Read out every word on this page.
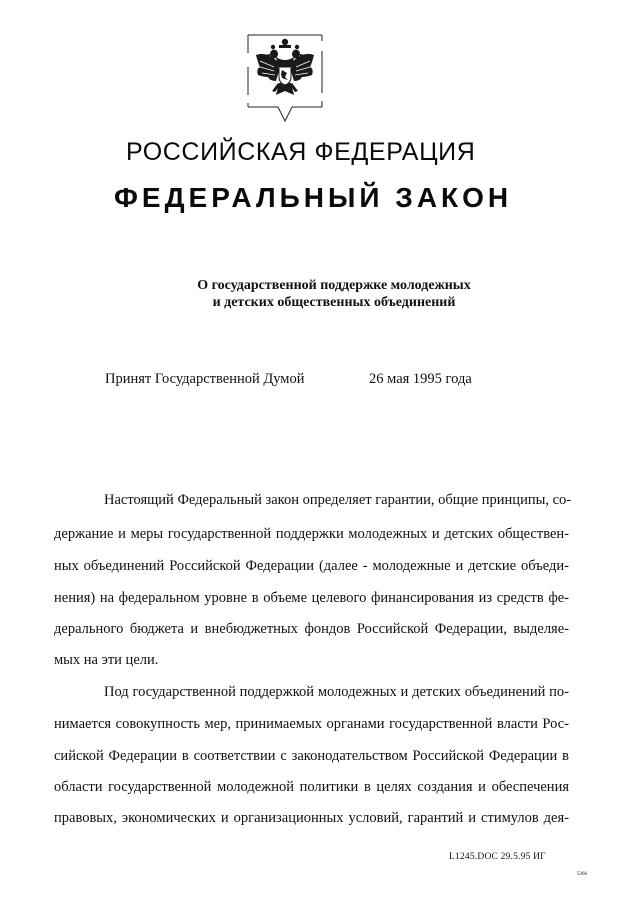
РОССИЙСКАЯ ФЕДЕРАЦИЯ
ФЕДЕРАЛЬНЫЙ ЗАКОН
О государственной поддержке молодежных
и детских общественных объединений
Принят Государственной Думой	26 мая 1995 года
Настоящий Федеральный закон определяет гарантии, общие принципы, со-
держание и меры государственной поддержки молодежных и детских обществен-
ных объединений Российской Федерации (далее - молодежные и детские объеди-
нения) на федеральном уровне в объеме целевого финансирования из средств фе-
дерального бюджета и внебюджетных фондов Российской Федерации, выделяе-
мых на эти цели.
Под государственной поддержкой молодежных и детских объединений по-
нимается совокупность мер, принимаемых органами государственной власти Рос-
сийской Федерации в соответствии с законодательством Российской Федерации в
области государственной молодежной политики в целях создания и обеспечения
правовых, экономических и организационных условий, гарантий и стимулов дея-
L1245.DOC 29.5.95 ИГ
5366
